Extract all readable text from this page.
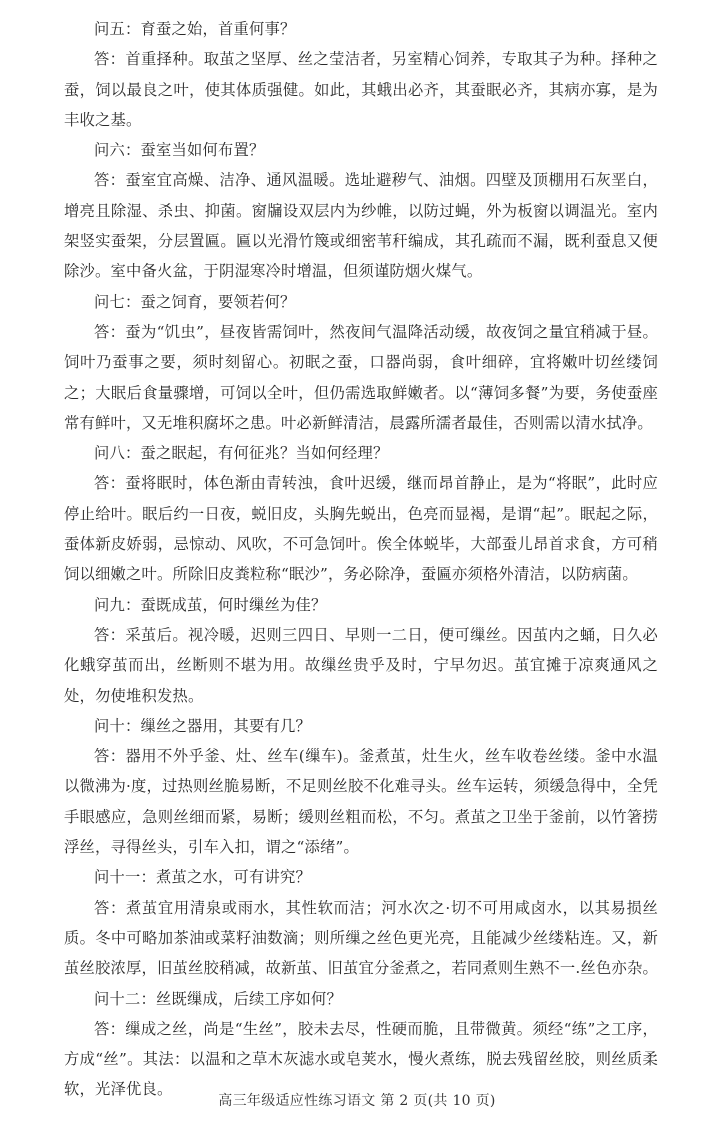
问五：育蚕之始，首重何事？

答：首重择种。取茧之坚厚、丝之莹洁者，另室精心饲养，专取其子为种。择种之蚕，饲以最良之叶，使其体质强健。如此，其蛾出必齐，其蚕眠必齐，其病亦寡，是为丰收之基。

问六：蚕室当如何布置？

答：蚕室宜高燥、洁净、通风温暖。选址避秽气、油烟。四壁及顶棚用石灰垩白，增亮且除湿、杀虫、抑菌。窗牖设双层内为纱帷，以防过蝇，外为板窗以调温光。室内架竖实蚕架，分层置匾。匾以光滑竹篾或细密苇秆编成，其孔疏而不漏，既利蚕息又便除沙。室中备火盆，于阴湿寒冷时增温，但须谨防烟火煤气。

问七：蚕之饲育，要领若何？

答：蚕为“饥虫”，昼夜皆需饲叶，然夜间气温降活动缓，故夜饲之量宜稍减于昼。饲叶乃蚕事之要，须时刻留心。初眠之蚕，口器尚弱，食叶细碎，宜将嫩叶切丝缕饲之；大眠后食量骤增，可饲以全叶，但仍需选取鲜嫩者。以“薄饲多餐”为要，务使蚕座常有鲜叶，又无堆积腐坏之患。叶必新鲜清洁，晨露所濡者最佳，否则需以清水拭净。

问八：蚕之眠起，有何征兆？当如何经理？

答：蚕将眠时，体色渐由青转浊，食叶迟缓，继而昂首静止，是为“将眠”，此时应停止给叶。眠后约一日夜，蜕旧皮，头胸先蜕出，色亮而显褐，是谓“起”。眠起之际，蚕体新皮娇弱，忌惊动、风吹，不可急饲叶。俟全体蜕毕，大部蚕儿昂首求食，方可稍饲以细嫩之叶。所除旧皮粪粒称“眠沙”，务必除净，蚕匾亦须格外清洁，以防病菌。

问九：蚕既成茧，何时缫丝为佳？

答：采茧后。视冷暖，迟则三四日、早则一二日，便可缫丝。因茧内之蛹，日久必化蛾穿茧而出，丝断则不堪为用。故缫丝贵乎及时，宁早勿迟。茧宜摊于凉爽通风之处，勿使堆积发热。

问十：缫丝之器用，其要有几？

答：器用不外乎釜、灶、丝车(缫车)。釜煮茧，灶生火，丝车收卷丝缕。釜中水温以微沸为·度，过热则丝脆易断，不足则丝胶不化难寻头。丝车运转，须缓急得中，全凭手眼感应，急则丝细而紧，易断；缓则丝粗而松，不匀。煮茧之卫坐于釜前，以竹箸捞浮丝，寻得丝头，引车入扣，谓之“添绪”。

问十一：煮茧之水，可有讲究？

答：煮茧宜用清泉或雨水，其性软而洁；河水次之·切不可用咸卤水，以其易损丝质。冬中可略加茶油或菜籽油数滴；则所缫之丝色更光亮，且能减少丝缕粘连。又，新茧丝胶浓厚，旧茧丝胶稍减，故新茧、旧茧宜分釜煮之，若同煮则生熟不一.丝色亦杂。

问十二：丝既缫成，后续工序如何？

答：缫成之丝，尚是“生丝”，胶未去尽，性硬而脆，且带微黄。须经“练”之工序，方成“丝”。其法：以温和之草木灰滤水或皂荚水，慢火煮练，脱去残留丝胶，则丝质柔软，光泽优良。

高三年级适应性练习语文 第 2 页(共 10 页)
